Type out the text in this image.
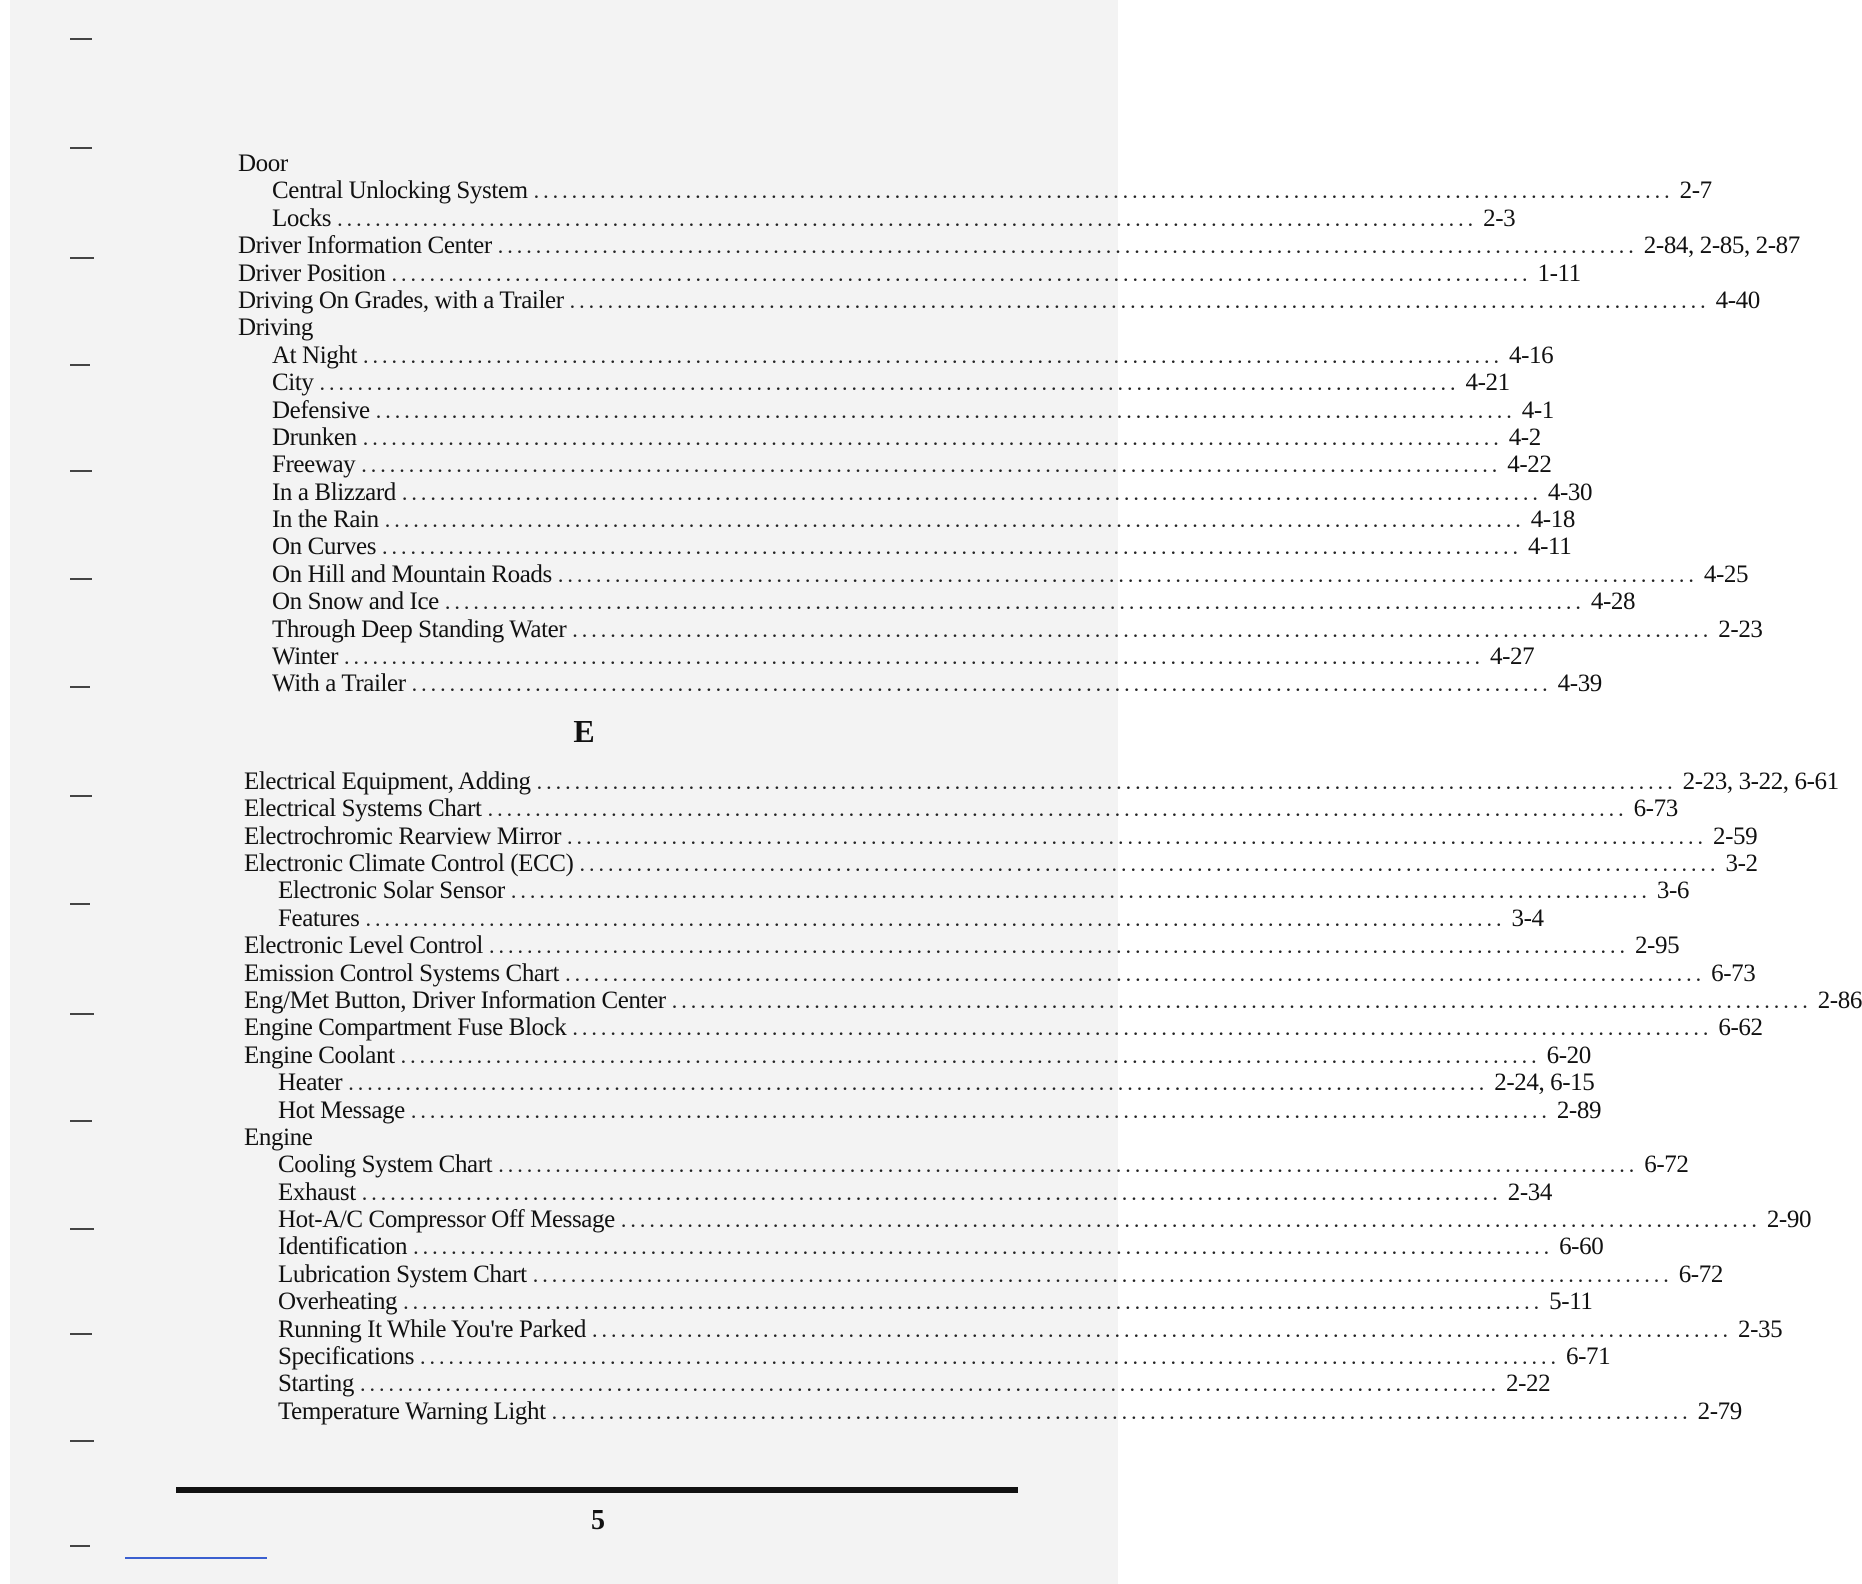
Door
Central Unlocking System ........................................................................................................................ 2-7
Locks ........................................................................................................................ 2-3
Driver Information Center ........................................................................................................................ 2-84, 2-85, 2-87
Driver Position ........................................................................................................................ 1-11
Driving On Grades, with a Trailer ........................................................................................................................ 4-40
Driving
At Night ........................................................................................................................ 4-16
City ........................................................................................................................ 4-21
Defensive ........................................................................................................................ 4-1
Drunken ........................................................................................................................ 4-2
Freeway ........................................................................................................................ 4-22
In a Blizzard ........................................................................................................................ 4-30
In the Rain ........................................................................................................................ 4-18
On Curves ........................................................................................................................ 4-11
On Hill and Mountain Roads ........................................................................................................................ 4-25
On Snow and Ice ........................................................................................................................ 4-28
Through Deep Standing Water ........................................................................................................................ 2-23
Winter ........................................................................................................................ 4-27
With a Trailer ........................................................................................................................ 4-39
E
Electrical Equipment, Adding ........................................................................................................................ 2-23, 3-22, 6-61
Electrical Systems Chart ........................................................................................................................ 6-73
Electrochromic Rearview Mirror ........................................................................................................................ 2-59
Electronic Climate Control (ECC) ........................................................................................................................ 3-2
Electronic Solar Sensor ........................................................................................................................ 3-6
Features ........................................................................................................................ 3-4
Electronic Level Control ........................................................................................................................ 2-95
Emission Control Systems Chart ........................................................................................................................ 6-73
Eng/Met Button, Driver Information Center ........................................................................................................................ 2-86
Engine Compartment Fuse Block ........................................................................................................................ 6-62
Engine Coolant ........................................................................................................................ 6-20
Heater ........................................................................................................................ 2-24, 6-15
Hot Message ........................................................................................................................ 2-89
Engine
Cooling System Chart ........................................................................................................................ 6-72
Exhaust ........................................................................................................................ 2-34
Hot-A/C Compressor Off Message ........................................................................................................................ 2-90
Identification ........................................................................................................................ 6-60
Lubrication System Chart ........................................................................................................................ 6-72
Overheating ........................................................................................................................ 5-11
Running It While You're Parked ........................................................................................................................ 2-35
Specifications ........................................................................................................................ 6-71
Starting ........................................................................................................................ 2-22
Temperature Warning Light ........................................................................................................................ 2-79
5
